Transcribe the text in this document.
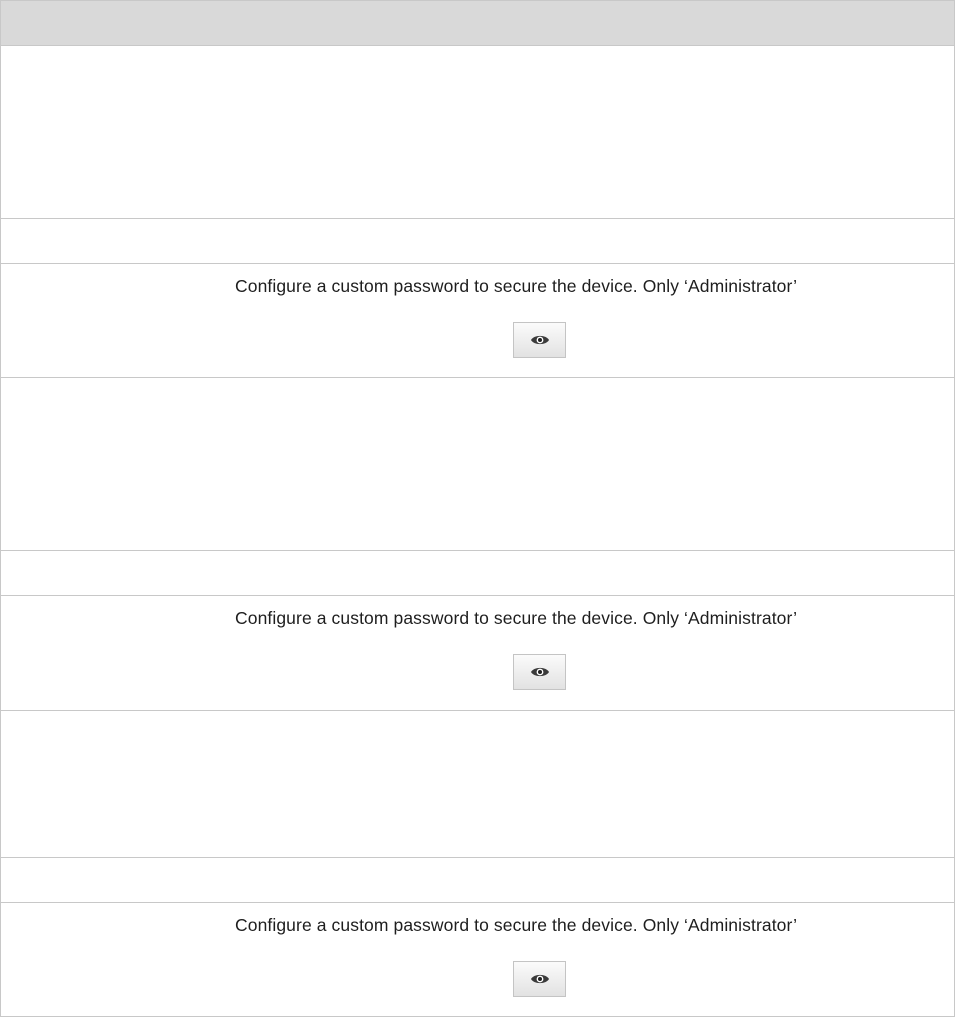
Configure a custom password to secure the device. Only ‘Administrator’
Configure a custom password to secure the device. Only ‘Administrator’
Configure a custom password to secure the device. Only ‘Administrator’
